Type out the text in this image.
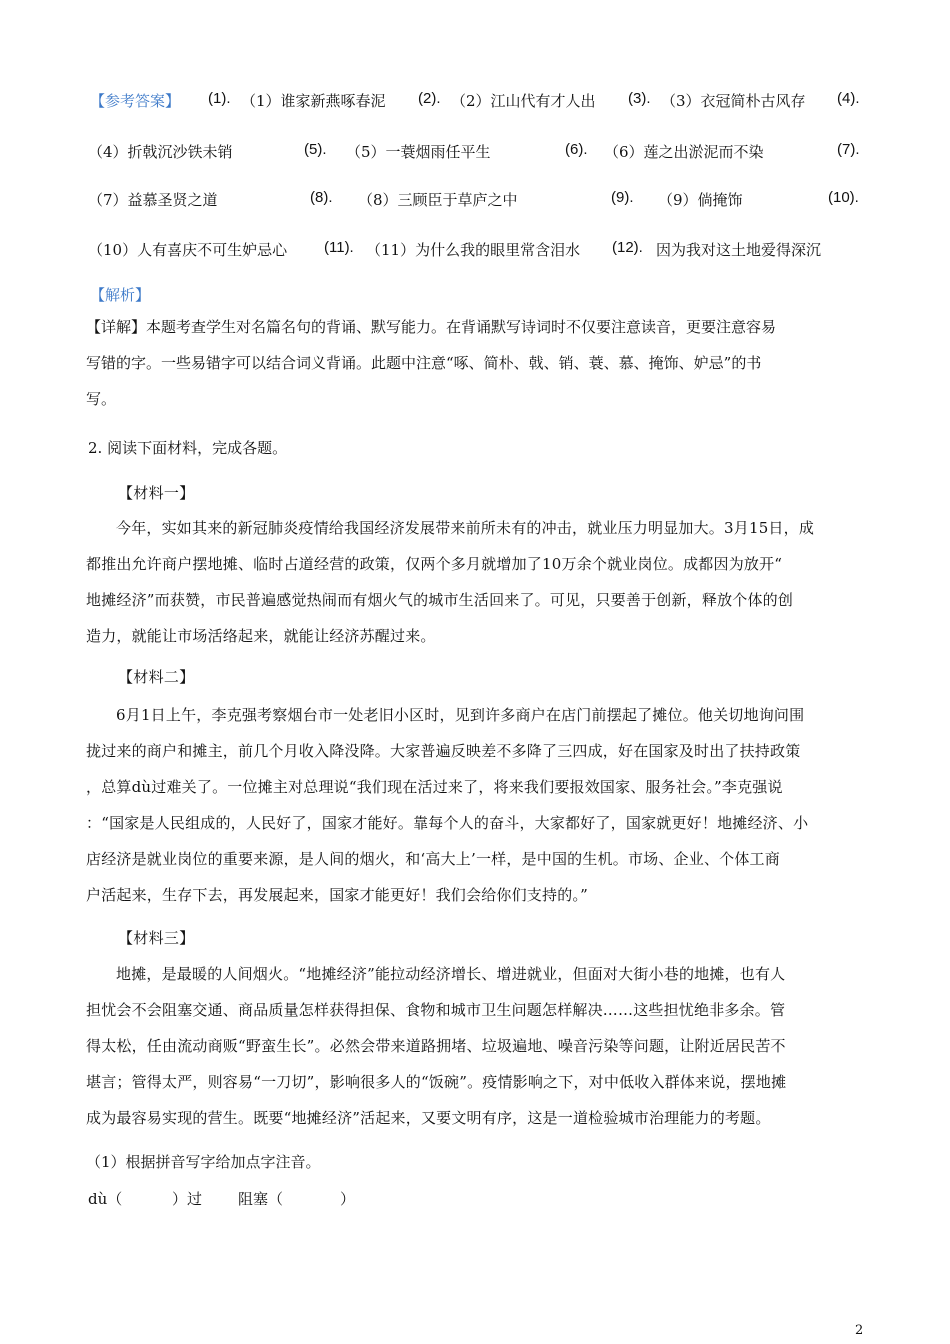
【参考答案】 (1). （1）谁家新燕啄春泥 (2). （2）江山代有才人出 (3). （3）衣冠简朴古风存 (4).
（4）折戟沉沙铁未销	(5). （5）一蓑烟雨任平生	(6). （6）莲之出淤泥而不染	(7).
（7）益慕圣贤之道	(8). （8）三顾臣于草庐之中	(9). （9）倘掩饰	(10).
（10）人有喜庆不可生妒忌心 (11). （11）为什么我的眼里常含泪水 (12). 因为我对这土地爱得深沉
【解析】
【详解】本题考查学生对名篇名句的背诵、默写能力。在背诵默写诗词时不仅要注意读音，更要注意容易
写错的字。一些易错字可以结合词义背诵。此题中注意“啄、简朴、戟、销、蓑、慕、掩饰、妒忌”的书
写。
2. 阅读下面材料，完成各题。
【材料一】
今年，实如其来的新冠肺炎疫情给我国经济发展带来前所未有的冲击，就业压力明显加大。3月15日，成
都推出允许商户摆地摊、临时占道经营的政策，仅两个多月就增加了10万余个就业岗位。成都因为放开“
地摊经济”而获赞，市民普遍感觉热闹而有烟火气的城市生活回来了。可见，只要善于创新，释放个体的创
造力，就能让市场活络起来，就能让经济苏醒过来。
【材料二】
6月1日上午，李克强考察烟台市一处老旧小区时，见到许多商户在店门前摆起了摊位。他关切地询问围
拢过来的商户和摊主，前几个月收入降没降。大家普遍反映差不多降了三四成，好在国家及时出了扶持政策
，总算dù过难关了。一位摊主对总理说“我们现在活过来了，将来我们要报效国家、服务社会。”李克强说
：“国家是人民组成的，人民好了，国家才能好。靠每个人的奋斗，大家都好了，国家就更好！地摊经济、小
店经济是就业岗位的重要来源，是人间的烟火，和‘高大上’一样，是中国的生机。市场、企业、个体工商
户活起来，生存下去，再发展起来，国家才能更好！我们会给你们支持的。”
【材料三】
地摊，是最暖的人间烟火。“地摊经济”能拉动经济增长、增进就业，但面对大街小巷的地摊，也有人
担忧会不会阻塞交通、商品质量怎样获得担保、食物和城市卫生问题怎样解决……这些担忧绝非多余。管
得太松，任由流动商贩“野蛮生长”。必然会带来道路拥堵、垃圾遍地、噪音污染等问题，让附近居民苦不
堪言；管得太严，则容易“一刀切”，影响很多人的“饭碗”。疫情影响之下，对中低收入群体来说，摆地摊
成为最容易实现的营生。既要“地摊经济”活起来，又要文明有序，这是一道检验城市治理能力的考题。
（1）根据拼音写字给加点字注音。
dù（	）过 阻塞（	）
2
